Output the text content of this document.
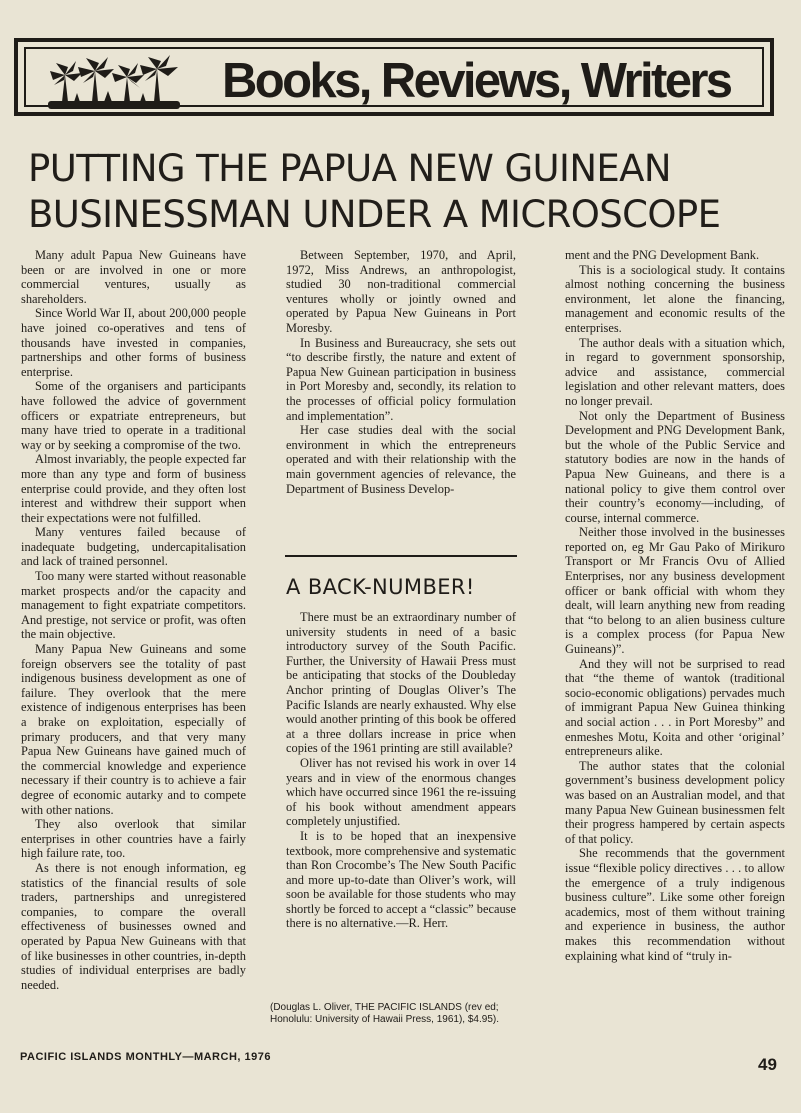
Books, Reviews, Writers
PUTTING THE PAPUA NEW GUINEAN
BUSINESSMAN UNDER A MICROSCOPE

Many adult Papua New Guineans have been or are involved in one or more commercial ventures, usually as shareholders.

Since World War II, about 200,000 people have joined co-operatives and tens of thousands have invested in companies, partnerships and other forms of business enterprise.

Some of the organisers and participants have followed the advice of government officers or expatriate entrepreneurs, but many have tried to operate in a traditional way or by seeking a compromise of the two.

Almost invariably, the people expected far more than any type and form of business enterprise could provide, and they often lost interest and withdrew their support when their expectations were not fulfilled.

Many ventures failed because of inadequate budgeting, undercapitalisation and lack of trained personnel.

Too many were started without reasonable market prospects and/or the capacity and management to fight expatriate competitors. And prestige, not service or profit, was often the main objective.

Many Papua New Guineans and some foreign observers see the totality of past indigenous business development as one of failure. They overlook that the mere existence of indigenous enterprises has been a brake on exploitation, especially of primary producers, and that very many Papua New Guineans have gained much of the commercial knowledge and experience necessary if their country is to achieve a fair degree of economic autarky and to compete with other nations.

They also overlook that similar enterprises in other countries have a fairly high failure rate, too.

As there is not enough information, eg statistics of the financial results of sole traders, partnerships and unregistered companies, to compare the overall effectiveness of businesses owned and operated by Papua New Guineans with that of like businesses in other countries, in-depth studies of individual enterprises are badly needed.

Between September, 1970, and April, 1972, Miss Andrews, an anthropologist, studied 30 non-traditional commercial ventures wholly or jointly owned and operated by Papua New Guineans in Port Moresby.

In Business and Bureaucracy, she sets out “to describe firstly, the nature and extent of Papua New Guinean participation in business in Port Moresby and, secondly, its relation to the processes of official policy formulation and implementation”.

Her case studies deal with the social environment in which the entrepreneurs operated and with their relationship with the main government agencies of relevance, the Department of Business Develop-

A BACK-NUMBER!

There must be an extraordinary number of university students in need of a basic introductory survey of the South Pacific. Further, the University of Hawaii Press must be anticipating that stocks of the Doubleday Anchor printing of Douglas Oliver’s The Pacific Islands are nearly exhausted. Why else would another printing of this book be offered at a three dollars increase in price when copies of the 1961 printing are still available?

Oliver has not revised his work in over 14 years and in view of the enormous changes which have occurred since 1961 the re-issuing of his book without amendment appears completely unjustified.

It is to be hoped that an inexpensive textbook, more comprehensive and systematic than Ron Crocombe’s The New South Pacific and more up-to-date than Oliver’s work, will soon be available for those students who may shortly be forced to accept a “classic” because there is no alternative.—R. Herr.

(Douglas L. Oliver, THE PACIFIC ISLANDS (rev ed; Honolulu: University of Hawaii Press, 1961), $4.95).

ment and the PNG Development Bank.

This is a sociological study. It contains almost nothing concerning the business environment, let alone the financing, management and economic results of the enterprises.

The author deals with a situation which, in regard to government sponsorship, advice and assistance, commercial legislation and other relevant matters, does no longer prevail.

Not only the Department of Business Development and PNG Development Bank, but the whole of the Public Service and statutory bodies are now in the hands of Papua New Guineans, and there is a national policy to give them control over their country’s economy—including, of course, internal commerce.

Neither those involved in the businesses reported on, eg Mr Gau Pako of Mirikuro Transport or Mr Francis Ovu of Allied Enterprises, nor any business development officer or bank official with whom they dealt, will learn anything new from reading that “to belong to an alien business culture is a complex process (for Papua New Guineans)”.

And they will not be surprised to read that “the theme of wantok (traditional socio-economic obligations) pervades much of immigrant Papua New Guinea thinking and social action . . . in Port Moresby” and enmeshes Motu, Koita and other ‘original’ entrepreneurs alike.

The author states that the colonial government’s business development policy was based on an Australian model, and that many Papua New Guinean businessmen felt their progress hampered by certain aspects of that policy.

She recommends that the government issue “flexible policy directives . . . to allow the emergence of a truly indigenous business culture”. Like some other foreign academics, most of them without training and experience in business, the author makes this recommendation without explaining what kind of “truly in-

PACIFIC ISLANDS MONTHLY—MARCH, 1976	49
